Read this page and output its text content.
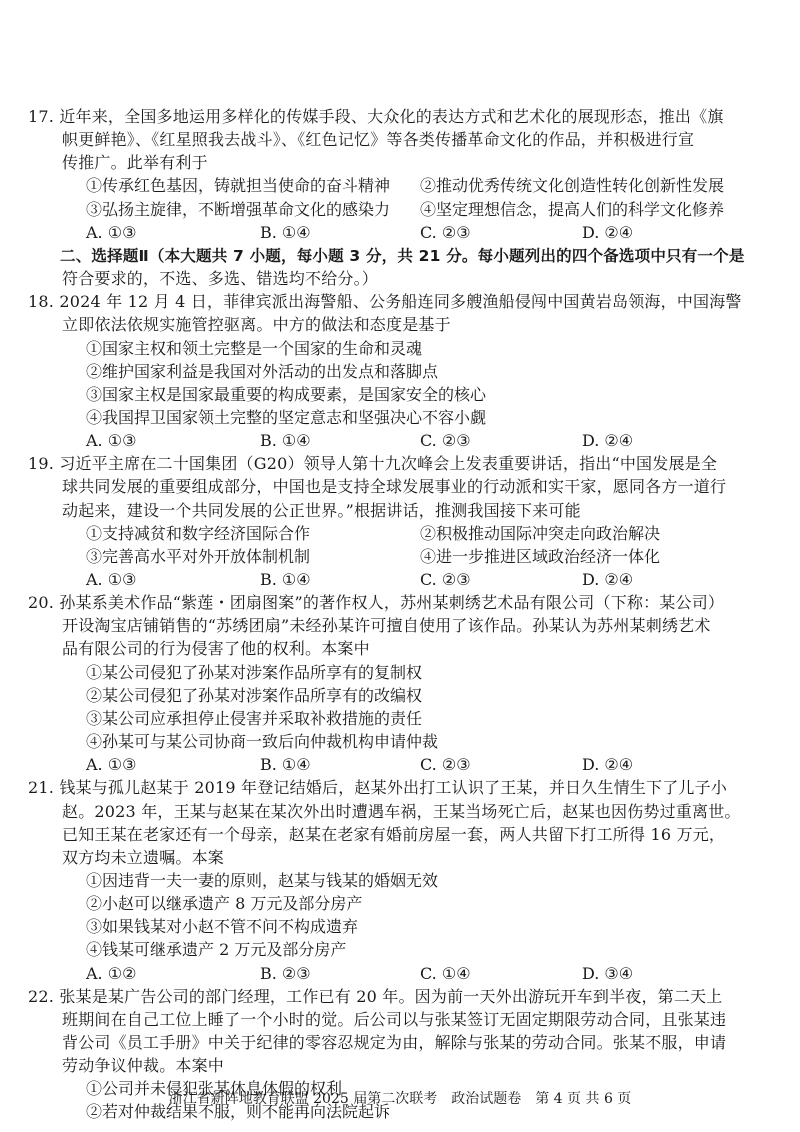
17. 近年来，全国多地运用多样化的传媒手段、大众化的表达方式和艺术化的展现形态，推出《旗
帜更鲜艳》、《红星照我去战斗》、《红色记忆》等各类传播革命文化的作品，并积极进行宣
传推广。此举有利于
①传承红色基因，铸就担当使命的奋斗精神 ②推动优秀传统文化创造性转化创新性发展
③弘扬主旋律，不断增强革命文化的感染力 ④坚定理想信念，提高人们的科学文化修养
A. ①③	B. ①④	C. ②③	D. ②④
二、选择题Ⅱ（本大题共 7 小题，每小题 3 分，共 21 分。每小题列出的四个备选项中只有一个是
符合要求的，不选、多选、错选均不给分。）
18. 2024 年 12 月 4 日，菲律宾派出海警船、公务船连同多艘渔船侵闯中国黄岩岛领海，中国海警
立即依法依规实施管控驱离。中方的做法和态度是基于
①国家主权和领土完整是一个国家的生命和灵魂
②维护国家利益是我国对外活动的出发点和落脚点
③国家主权是国家最重要的构成要素，是国家安全的核心
④我国捍卫国家领土完整的坚定意志和坚强决心不容小觑
A. ①③	B. ①④	C. ②③	D. ②④
19. 习近平主席在二十国集团（G20）领导人第十九次峰会上发表重要讲话，指出“中国发展是全
球共同发展的重要组成部分，中国也是支持全球发展事业的行动派和实干家，愿同各方一道行
动起来，建设一个共同发展的公正世界。”根据讲话，推测我国接下来可能
①支持减贫和数字经济国际合作	②积极推动国际冲突走向政治解决
③完善高水平对外开放体制机制	④进一步推进区域政治经济一体化
A. ①③	B. ①④	C. ②③	D. ②④
20. 孙某系美术作品“紫莲・团扇图案”的著作权人，苏州某刺绣艺术品有限公司（下称：某公司）
开设淘宝店铺销售的“苏绣团扇”未经孙某许可擅自使用了该作品。孙某认为苏州某刺绣艺术
品有限公司的行为侵害了他的权利。本案中
①某公司侵犯了孙某对涉案作品所享有的复制权
②某公司侵犯了孙某对涉案作品所享有的改编权
③某公司应承担停止侵害并采取补救措施的责任
④孙某可与某公司协商一致后向仲裁机构申请仲裁
A. ①③	B. ①④	C. ②③	D. ②④
21. 钱某与孤儿赵某于 2019 年登记结婚后，赵某外出打工认识了王某，并日久生情生下了儿子小
赵。2023 年，王某与赵某在某次外出时遭遇车祸，王某当场死亡后，赵某也因伤势过重离世。
已知王某在老家还有一个母亲，赵某在老家有婚前房屋一套，两人共留下打工所得 16 万元，
双方均未立遗嘱。本案
①因违背一夫一妻的原则，赵某与钱某的婚姻无效
②小赵可以继承遗产 8 万元及部分房产
③如果钱某对小赵不管不问不构成遗弃
④钱某可继承遗产 2 万元及部分房产
A. ①②	B. ②③	C. ①④	D. ③④
22. 张某是某广告公司的部门经理，工作已有 20 年。因为前一天外出游玩开车到半夜，第二天上
班期间在自己工位上睡了一个小时的觉。后公司以与张某签订无固定期限劳动合同，且张某违
背公司《员工手册》中关于纪律的零容忍规定为由，解除与张某的劳动合同。张某不服，申请
劳动争议仲裁。本案中
①公司并未侵犯张某休息休假的权利
②若对仲裁结果不服，则不能再向法院起诉
浙江省新阵地教育联盟 2025 届第二次联考　政治试题卷　第 4 页 共 6 页
